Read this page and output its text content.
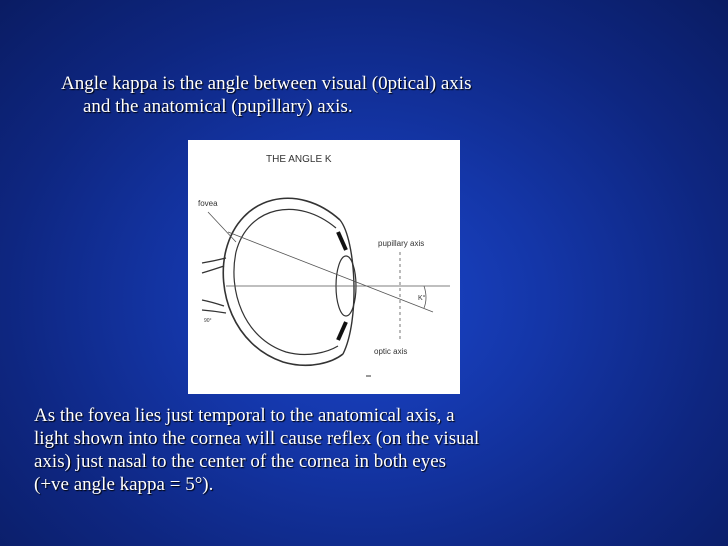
Angle kappa is the angle between visual (0ptical) axis
and the anatomical (pupillary) axis.
THE ANGLE K
fovea
pupillary axis
K°
optic axis
90°
As the fovea lies just temporal to the anatomical axis, a
light shown into the cornea will cause reflex (on the visual
axis) just nasal to the center of the cornea in both eyes
(+ve angle kappa = 5°).
